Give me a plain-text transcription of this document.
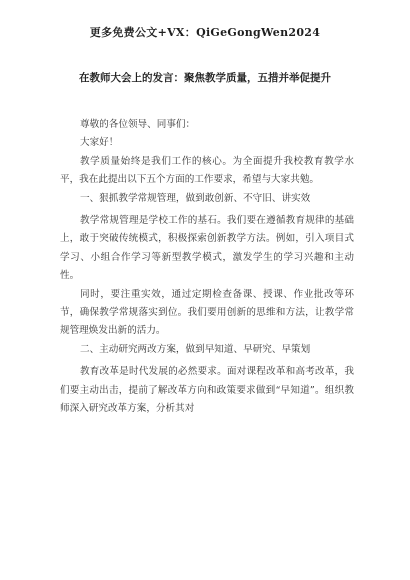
更多免费公文+VX：QiGeGongWen2024
在教师大会上的发言：聚焦教学质量，五措并举促提升

尊敬的各位领导、同事们：

大家好！

教学质量始终是我们工作的核心。为全面提升我校教育教学水平，我在此提出以下五个方面的工作要求，希望与大家共勉。

一、狠抓教学常规管理，做到敢创新、不守旧、讲实效

教学常规管理是学校工作的基石。我们要在遵循教育规律的基础上，敢于突破传统模式，积极探索创新教学方法。例如，引入项目式学习、小组合作学习等新型教学模式，激发学生的学习兴趣和主动性。

同时，要注重实效，通过定期检查备课、授课、作业批改等环节，确保教学常规落实到位。我们要用创新的思维和方法，让教学常规管理焕发出新的活力。

二、主动研究两改方案，做到早知道、早研究、早策划

教育改革是时代发展的必然要求。面对课程改革和高考改革，我们要主动出击，提前了解改革方向和政策要求做到“早知道”。组织教师深入研究改革方案，分析其对
